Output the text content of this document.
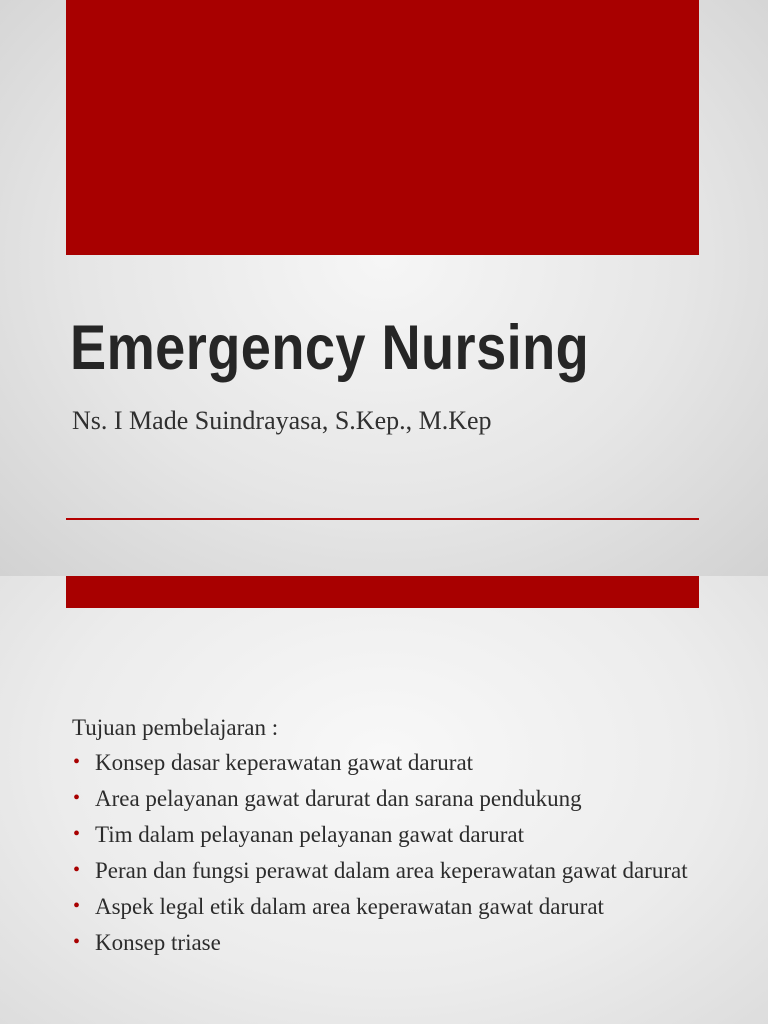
Emergency Nursing

Ns. I Made Suindrayasa, S.Kep., M.Kep

Tujuan pembelajaran :

• Konsep dasar keperawatan gawat darurat
• Area pelayanan gawat darurat dan sarana pendukung
• Tim dalam pelayanan pelayanan gawat darurat
• Peran dan fungsi perawat dalam area keperawatan gawat darurat
• Aspek legal etik dalam area keperawatan gawat darurat
• Konsep triase
